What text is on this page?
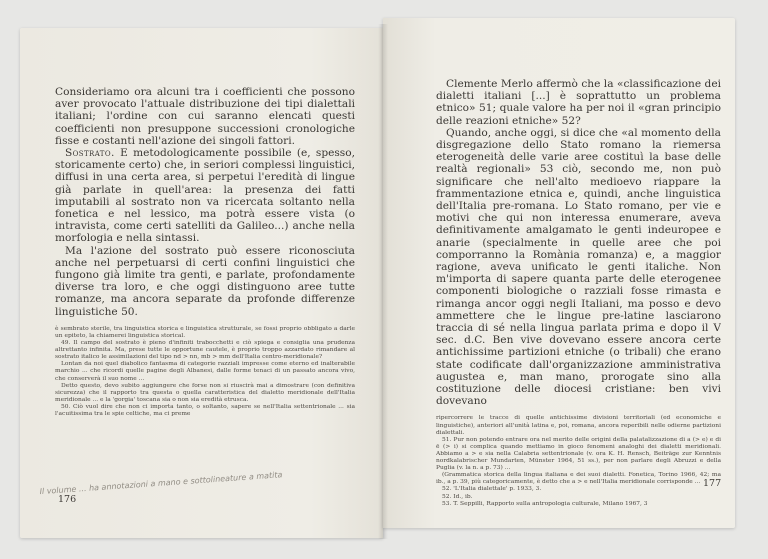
Consideriamo ora alcuni tra i coefficienti che possono aver provocato l'attuale distribuzione dei tipi dialettali italiani; l'ordine con cui saranno elencati questi coefficienti non presuppone successioni cronologiche fisse e costanti nell'azione dei singoli fattori.

Sostrato. E metodologicamente possibile (e, spesso, storicamente certo) che, in seriori complessi linguistici, diffusi in una certa area, si perpetui l'eredità di lingue già parlate in quell'area: la presenza dei fatti imputabili al sostrato non va ricercata soltanto nella fonetica e nel lessico, ma potrà essere vista (o intravista, come certi satelliti da Galileo...) anche nella morfologia e nella sintassi.

Ma l'azione del sostrato può essere riconosciuta anche nel perpetuarsi di certi confini linguistici che fungono già limite tra genti, e parlate, profondamente diverse tra loro, e che oggi distinguono aree tutte romanze, ma ancora separate da profonde differenze linguistiche 50.

è sembrato sterile, tra linguistica storica e linguistica strutturale, se fossi proprio obbligato a darle un epiteto, la chiamerei linguistica storical.

49. Il campo del sostrato è pieno d'infiniti trabocchetti e ciò spiega e consiglia una prudenza altrettanto infinita. Ma, prese tutte le opportune cautele, è proprio troppo azzardato rimandare al sostrato italico le assimilazioni del tipo nd > nn, mb > mm dell'Italia centro-meridionale?

Lontan da noi quel diabolico fantasma di categorie razziali impresse come eterno ed inalterabile marchio ... che ricordi quelle pagine degli Albanesi, dalle forme tenaci di un passato ancora vivo, che conserverà il suo nome ...

Detto questo, devo subito aggiungere che forse non si riuscirà mai a dimostrare (con definitiva sicurezza) che il rapporto tra questa o quella caratteristica del dialetto meridionale dell'Italia meridionale ... e la 'gorgia' toscana sia o non sia eredità etrusca.

50. Ciò vuol dire che non ci importa tanto, o soltanto, sapere se nell'Italia settentrionale ... sia l'acuitissima tra le spie celtiche, ma ci preme

Il volume ... ha annotazioni a mano e sottolineature a matita
176

Clemente Merlo affermò che la «classificazione dei dialetti italiani [...] è soprattutto un problema etnico» 51; quale valore ha per noi il «gran principio delle reazioni etniche» 52?

Quando, anche oggi, si dice che «al momento della disgregazione dello Stato romano la riemersa eterogeneità delle varie aree costituì la base delle realtà regionali» 53 ciò, secondo me, non può significare che nell'alto medioevo riappare la frammentazione etnica e, quindi, anche linguistica dell'Italia pre-romana. Lo Stato romano, per vie e motivi che qui non interessa enumerare, aveva definitivamente amalgamato le genti indeuropee e anarie (specialmente in quelle aree che poi comporranno la Romània romanza) e, a maggior ragione, aveva unificato le genti italiche. Non m'importa di sapere quanta parte delle eterogenee componenti biologiche o razziali fosse rimasta e rimanga ancor oggi negli Italiani, ma posso e devo ammettere che le lingue pre-latine lasciarono traccia di sé nella lingua parlata prima e dopo il V sec. d.C. Ben vive dovevano essere ancora certe antichissime partizioni etniche (o tribali) che erano state codificate dall'organizzazione amministrativa augustea e, man mano, prorogate sino alla costituzione delle diocesi cristiane: ben vivi dovevano

ripercorrere le tracce di quelle antichissime divisioni territoriali (ed economiche e linguistiche), anteriori all'unità latina e, poi, romana, ancora reperibili nelle odierne partizioni dialettali.

51. Pur non potendo entrare ora nel merito delle origini della palatalizzazione di a (> e) e di ē (> i) si complica quando mettiamo in gioco fenomeni analoghi dei dialetti meridionali. Abbiamo a > e sia nella Calabria settentrionale (v. ora K. H. Rensch, Beiträge zur Kenntnis nordkalabrischer Mundarten, Münster 1964, 51 ss.), per non parlare degli Abruzzi e della Puglia (v. la n. a p. 73) ...

(Grammatica storica della lingua italiana e dei suoi dialetti. Fonetica, Torino 1966, 42; ma ib., a p. 39, più categoricamente, è detto che a > e nell'Italia meridionale corrisponde ...

52. 'L'Italia dialettale' p. 1933, 3.

52. Id., ib.

53. T. Seppilli, Rapporto sulla antropologia culturale, Milano 1967, 3

177
